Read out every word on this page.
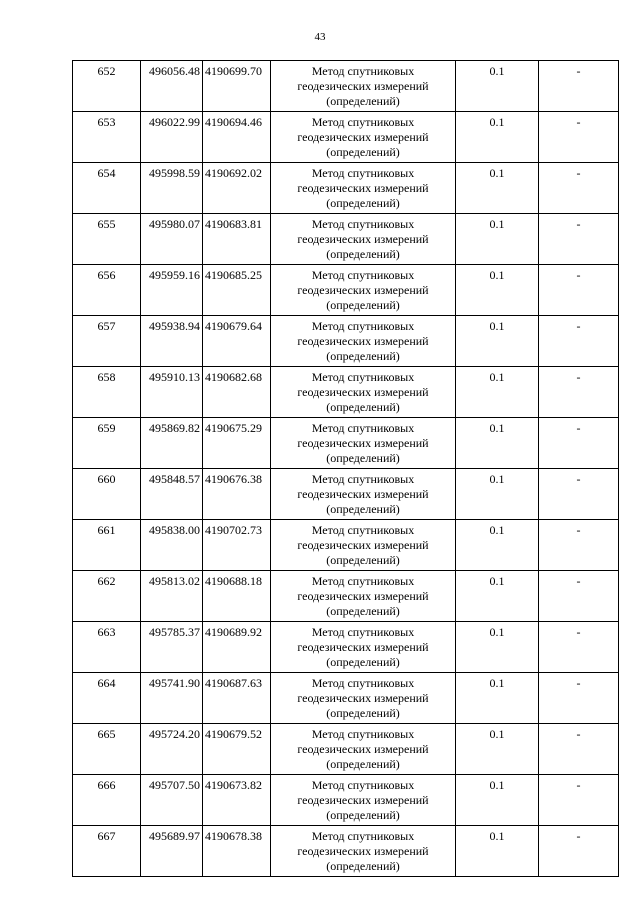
43
652	496056.48	4190699.70	Метод спутниковых
геодезических измерений
(определений)	0.1	-
653	496022.99	4190694.46	Метод спутниковых
геодезических измерений
(определений)	0.1	-
654	495998.59	4190692.02	Метод спутниковых
геодезических измерений
(определений)	0.1	-
655	495980.07	4190683.81	Метод спутниковых
геодезических измерений
(определений)	0.1	-
656	495959.16	4190685.25	Метод спутниковых
геодезических измерений
(определений)	0.1	-
657	495938.94	4190679.64	Метод спутниковых
геодезических измерений
(определений)	0.1	-
658	495910.13	4190682.68	Метод спутниковых
геодезических измерений
(определений)	0.1	-
659	495869.82	4190675.29	Метод спутниковых
геодезических измерений
(определений)	0.1	-
660	495848.57	4190676.38	Метод спутниковых
геодезических измерений
(определений)	0.1	-
661	495838.00	4190702.73	Метод спутниковых
геодезических измерений
(определений)	0.1	-
662	495813.02	4190688.18	Метод спутниковых
геодезических измерений
(определений)	0.1	-
663	495785.37	4190689.92	Метод спутниковых
геодезических измерений
(определений)	0.1	-
664	495741.90	4190687.63	Метод спутниковых
геодезических измерений
(определений)	0.1	-
665	495724.20	4190679.52	Метод спутниковых
геодезических измерений
(определений)	0.1	-
666	495707.50	4190673.82	Метод спутниковых
геодезических измерений
(определений)	0.1	-
667	495689.97	4190678.38	Метод спутниковых
геодезических измерений
(определений)	0.1	-
